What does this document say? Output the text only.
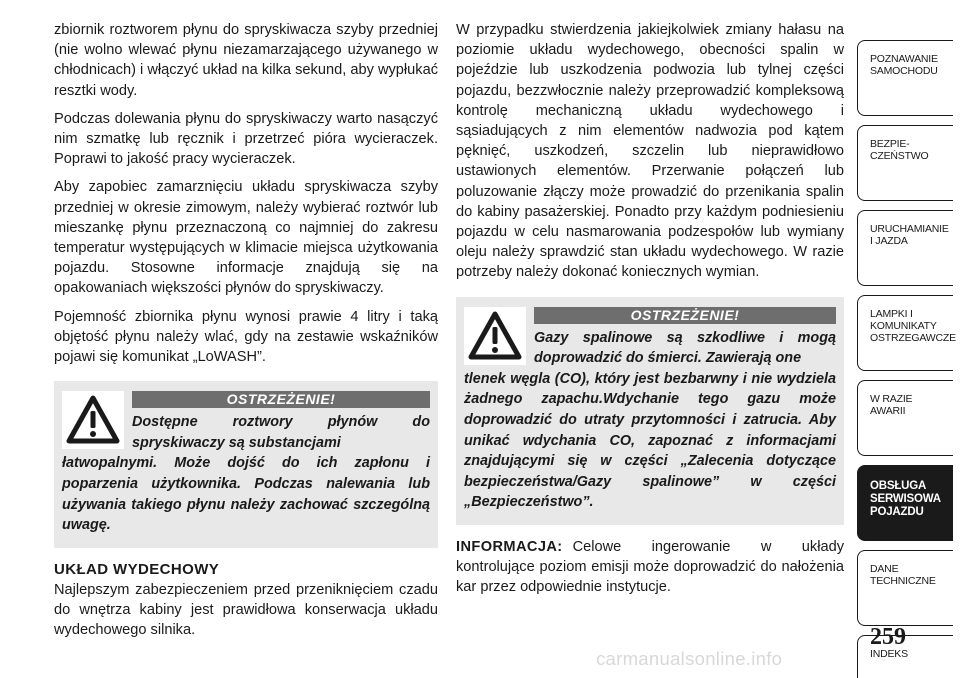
zbiornik roztworem płynu do spryskiwacza szyby przedniej (nie wolno wlewać płynu niezamarzającego używanego w chłodnicach) i włączyć układ na kilka sekund, aby wypłukać resztki wody.

Podczas dolewania płynu do spryskiwaczy warto nasączyć nim szmatkę lub ręcznik i przetrzeć pióra wycieraczek. Poprawi to jakość pracy wycieraczek.

Aby zapobiec zamarznięciu układu spryskiwacza szyby przedniej w okresie zimowym, należy wybierać roztwór lub mieszankę płynu przeznaczoną co najmniej do zakresu temperatur występujących w klimacie miejsca użytkowania pojazdu. Stosowne informacje znajdują się na opakowaniach większości płynów do spryskiwaczy.

Pojemność zbiornika płynu wynosi prawie 4 litry i taką objętość płynu należy wlać, gdy na zestawie wskaźników pojawi się komunikat „LoWASH”.

OSTRZEŻENIE!
Dostępne roztwory płynów do spryskiwaczy są substancjami
łatwopalnymi. Może dojść do ich zapłonu i poparzenia użytkownika. Podczas nalewania lub używania takiego płynu należy zachować szczególną uwagę.
UKŁAD WYDECHOWY

Najlepszym zabezpieczeniem przed przeniknięciem czadu do wnętrza kabiny jest prawidłowa konserwacja układu wydechowego silnika.

W przypadku stwierdzenia jakiejkolwiek zmiany hałasu na poziomie układu wydechowego, obecności spalin w pojeździe lub uszkodzenia podwozia lub tylnej części pojazdu, bezzwłocznie należy przeprowadzić kompleksową kontrolę mechaniczną układu wydechowego i sąsiadujących z nim elementów nadwozia pod kątem pęknięć, uszkodzeń, szczelin lub nieprawidłowo ustawionych elementów. Przerwanie połączeń lub poluzowanie złączy może prowadzić do przenikania spalin do kabiny pasażerskiej. Ponadto przy każdym podniesieniu pojazdu w celu nasmarowania podzespołów lub wymiany oleju należy sprawdzić stan układu wydechowego. W razie potrzeby należy dokonać koniecznych wymian.

OSTRZEŻENIE!
Gazy spalinowe są szkodliwe i mogą doprowadzić do śmierci. Zawierają one
tlenek węgla (CO), który jest bezbarwny i nie wydziela żadnego zapachu.Wdychanie tego gazu może doprowadzić do utraty przytomności i zatrucia. Aby unikać wdychania CO, zapoznać z informacjami znajdującymi się w części „Zalecenia dotyczące bezpieczeństwa/Gazy spalinowe” w części „Bezpieczeństwo”.

INFORMACJA: Celowe ingerowanie w układy kontrolujące poziom emisji może doprowadzić do nałożenia kar przez odpowiednie instytucje.

POZNAWANIE
SAMOCHODU
BEZPIE-
CZEŃSTWO
URUCHAMIANIE
I JAZDA
LAMPKI I
KOMUNIKATY
OSTRZEGAWCZE
W RAZIE
AWARII
OBSŁUGA
SERWISOWA
POJAZDU
DANE
TECHNICZNE
INDEKS
259
carmanualsonline.info
